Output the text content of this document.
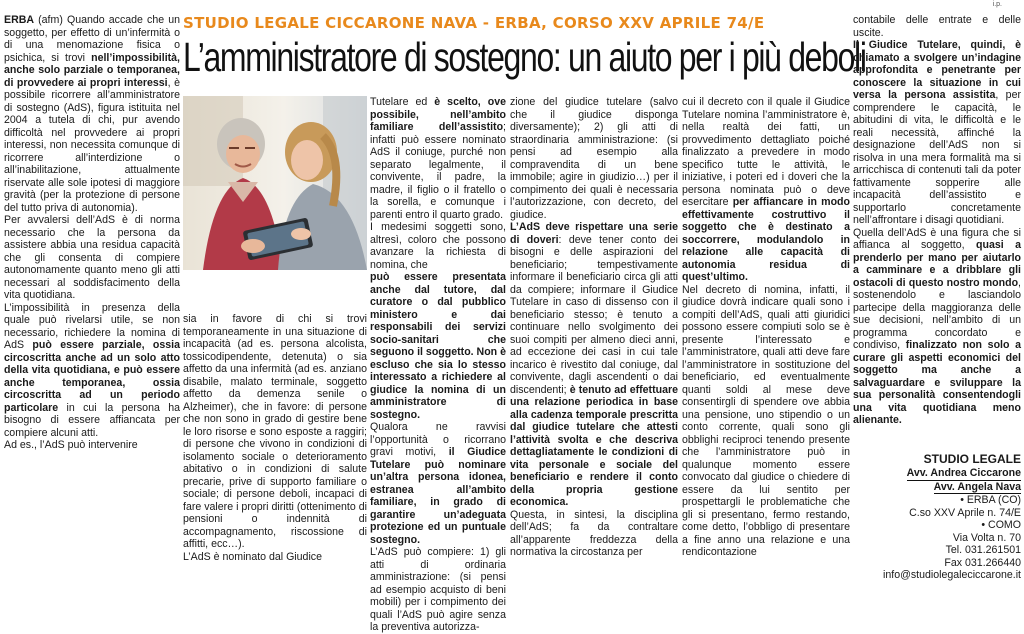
i.p.

ERBA (afm) Quando accade che un soggetto, per effetto di un’infermità o di una menomazione fisica o psichica, si trovi nell’impossibilità, anche solo parziale o temporanea, di provvedere ai propri interessi, è possibile ricorrere all’amministratore di sostegno (AdS), figura istituita nel 2004 a tutela di chi, pur avendo difficoltà nel provvedere ai propri interessi, non necessita comunque di ricorrere all’interdizione o all’inabilitazione, attualmente riservate alle sole ipotesi di maggiore gravità (per la protezione di persone del tutto priva di autonomia).

Per avvalersi dell’AdS è di norma necessario che la persona da assistere abbia una residua capacità che gli consenta di compiere autonomamente quanto meno gli atti necessari al soddisfacimento della vita quotidiana.

L’impossibilità in presenza della quale può rivelarsi utile, se non necessario, richiedere la nomina di AdS può essere parziale, ossia circoscritta anche ad un solo atto della vita quotidiana, e può essere anche temporanea, ossia circoscritta ad un periodo particolare in cui la persona ha bisogno di essere affiancata per compiere alcuni atti.

Ad es., l’AdS può intervenire

STUDIO LEGALE CICCARONE NAVA - ERBA, CORSO XXV APRILE 74/E
L’amministratore di sostegno: un aiuto per i più deboli

sia in favore di chi si trovi temporaneamente in una situazione di incapacità (ad es. persona alcolista, tossicodipendente, detenuta) o sia affetto da una infermità (ad es. anziano disabile, malato terminale, soggetto affetto da demenza senile o Alzheimer), che in favore: di persone che non sono in grado di gestire bene le loro risorse e sono esposte a raggiri; di persone che vivono in condizioni di isolamento sociale o deterioramento abitativo o in condizioni di salute precarie, prive di supporto familiare o sociale; di persone deboli, incapaci di fare valere i propri diritti (ottenimento di pensioni o indennità di accompagnamento, riscossione di affitti, ecc…).

L’AdS è nominato dal Giudice

Tutelare ed è scelto, ove possibile, nell’ambito familiare dell’assistito; infatti può essere nominato AdS il coniuge, purché non separato legalmente, il convivente, il padre, la madre, il figlio o il fratello o la sorella, e comunque i parenti entro il quarto grado.

I medesimi soggetti sono, altresì, coloro che possono avanzare la richiesta di nomina, che

può essere presentata anche dal tutore, dal curatore o dal pubblico ministero e dai responsabili dei servizi socio-sanitari che seguono il soggetto. Non è escluso che sia lo stesso interessato a richiedere al giudice la nomina di un amministratore di sostegno.

Qualora ne ravvisi l’opportunità o ricorrano gravi motivi, il Giudice Tutelare può nominare un’altra persona idonea, estranea all’ambito familiare, in grado di garantire un’adeguata protezione ed un puntuale sostegno.

L’AdS può compiere: 1) gli atti di ordinaria amministrazione: (si pensi ad esempio acquisto di beni mobili) per i compimento dei quali l’AdS può agire senza la preventiva autorizza-

zione del giudice tutelare (salvo che il giudice disponga diversamente); 2) gli atti di straordinaria amministrazione: (si pensi ad esempio alla compravendita di un bene immobile; agire in giudizio…) per il compimento dei quali è necessaria l’autorizzazione, con decreto, del giudice.

L’AdS deve rispettare una serie di doveri: deve tener conto dei bisogni e delle aspirazioni del beneficiario; tempestivamente informare il beneficiario circa gli atti da compiere; informare il Giudice Tutelare in caso di dissenso con il beneficiario stesso; è tenuto a continuare nello svolgimento dei suoi compiti per almeno dieci anni, ad eccezione dei casi in cui tale incarico è rivestito dal coniuge, dal convivente, dagli ascendenti o dai discendenti; è tenuto ad effettuare una relazione periodica in base alla cadenza temporale prescritta dal giudice tutelare che attesti l’attività svolta e che descriva dettagliatamente le condizioni di vita personale e sociale del beneficiario e rendere il conto della propria gestione economica.

Questa, in sintesi, la disciplina dell’AdS; fa da contraltare all’apparente freddezza della normativa la circostanza per

cui il decreto con il quale il Giudice Tutelare nomina l’amministratore è, nella realtà dei fatti, un provvedimento dettagliato poiché finalizzato a prevedere in modo specifico tutte le attività, le iniziative, i poteri ed i doveri che la persona nominata può o deve esercitare per affiancare in modo effettivamente costruttivo il soggetto che è destinato a soccorrere, modulandolo in relazione alle capacità di autonomia residua di quest’ultimo.

Nel decreto di nomina, infatti, il giudice dovrà indicare quali sono i compiti dell’AdS, quali atti giuridici possono essere compiuti solo se è presente l’interessato e l’amministratore, quali atti deve fare l’amministratore in sostituzione del beneficiario, ed eventualmente quanti soldi al mese deve consentirgli di spendere ove abbia una pensione, uno stipendio o un conto corrente, quali sono gli obblighi reciproci tenendo presente che l’amministratore può in qualunque momento essere convocato dal giudice o chiedere di essere da lui sentito per prospettargli le problematiche che gli si presentano, fermo restando, come detto, l’obbligo di presentare a fine anno una relazione e una rendicontazione

contabile delle entrate e delle uscite.

Il Giudice Tutelare, quindi, è chiamato a svolgere un’indagine approfondita e penetrante per conoscere la situazione in cui versa la persona assistita, per comprendere le capacità, le abitudini di vita, le difficoltà e le reali necessità, affinché la designazione dell’AdS non si risolva in una mera formalità ma si arricchisca di contenuti tali da poter fattivamente sopperire alle incapacità dell’assistito e supportarlo concretamente nell’affrontare i disagi quotidiani.

Quella dell’AdS è una figura che si affianca al soggetto, quasi a prenderlo per mano per aiutarlo a camminare e a dribblare gli ostacoli di questo nostro mondo, sostenendolo e lasciandolo partecipe della maggioranza delle sue decisioni, nell’ambito di un programma concordato e condiviso, finalizzato non solo a curare gli aspetti economici del soggetto ma anche a salvaguardare e sviluppare la sua personalità consentendogli una vita quotidiana meno alienante.

STUDIO LEGALE
Avv. Andrea Ciccarone
Avv. Angela Nava
• ERBA (CO)
C.so XXV Aprile n. 74/E
• COMO
Via Volta n. 70
Tel. 031.261501
Fax 031.266440
info@studiolegaleciccarone.it
